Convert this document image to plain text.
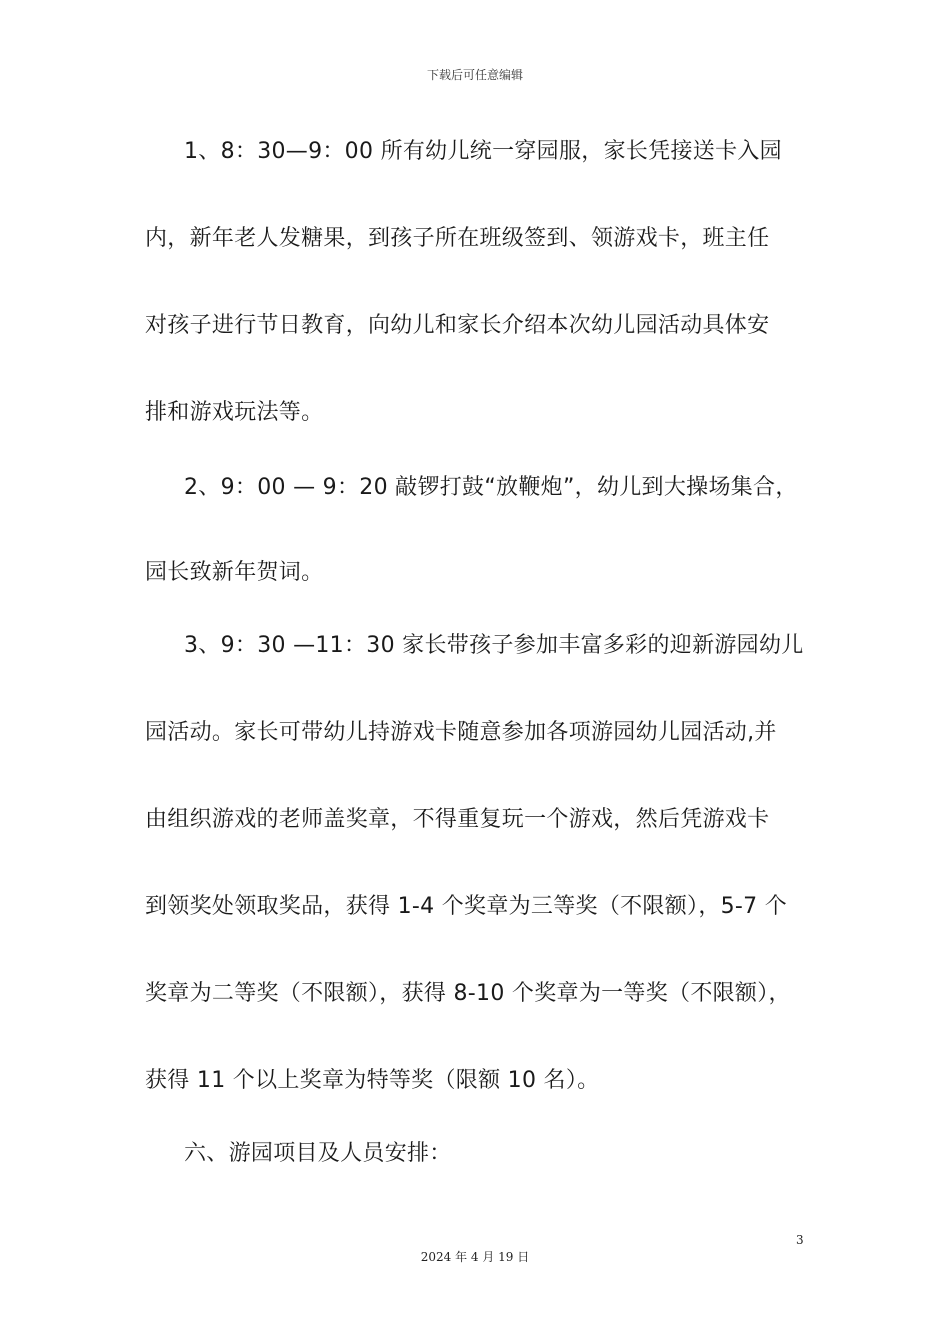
下载后可任意编辑
1、8：30—9：00 所有幼儿统一穿园服，家长凭接送卡入园
内，新年老人发糖果，到孩子所在班级签到、领游戏卡，班主任
对孩子进行节日教育，向幼儿和家长介绍本次幼儿园活动具体安
排和游戏玩法等。
2、9：00 — 9：20 敲锣打鼓“放鞭炮”，幼儿到大操场集合，
园长致新年贺词。
3、9：30 —11：30 家长带孩子参加丰富多彩的迎新游园幼儿
园活动。家长可带幼儿持游戏卡随意参加各项游园幼儿园活动,并
由组织游戏的老师盖奖章，不得重复玩一个游戏，然后凭游戏卡
到领奖处领取奖品，获得 1-4 个奖章为三等奖（不限额），5-7 个
奖章为二等奖（不限额），获得 8-10 个奖章为一等奖（不限额），
获得 11 个以上奖章为特等奖（限额 10 名）。
六、游园项目及人员安排：
3
2024 年 4 月 19 日
